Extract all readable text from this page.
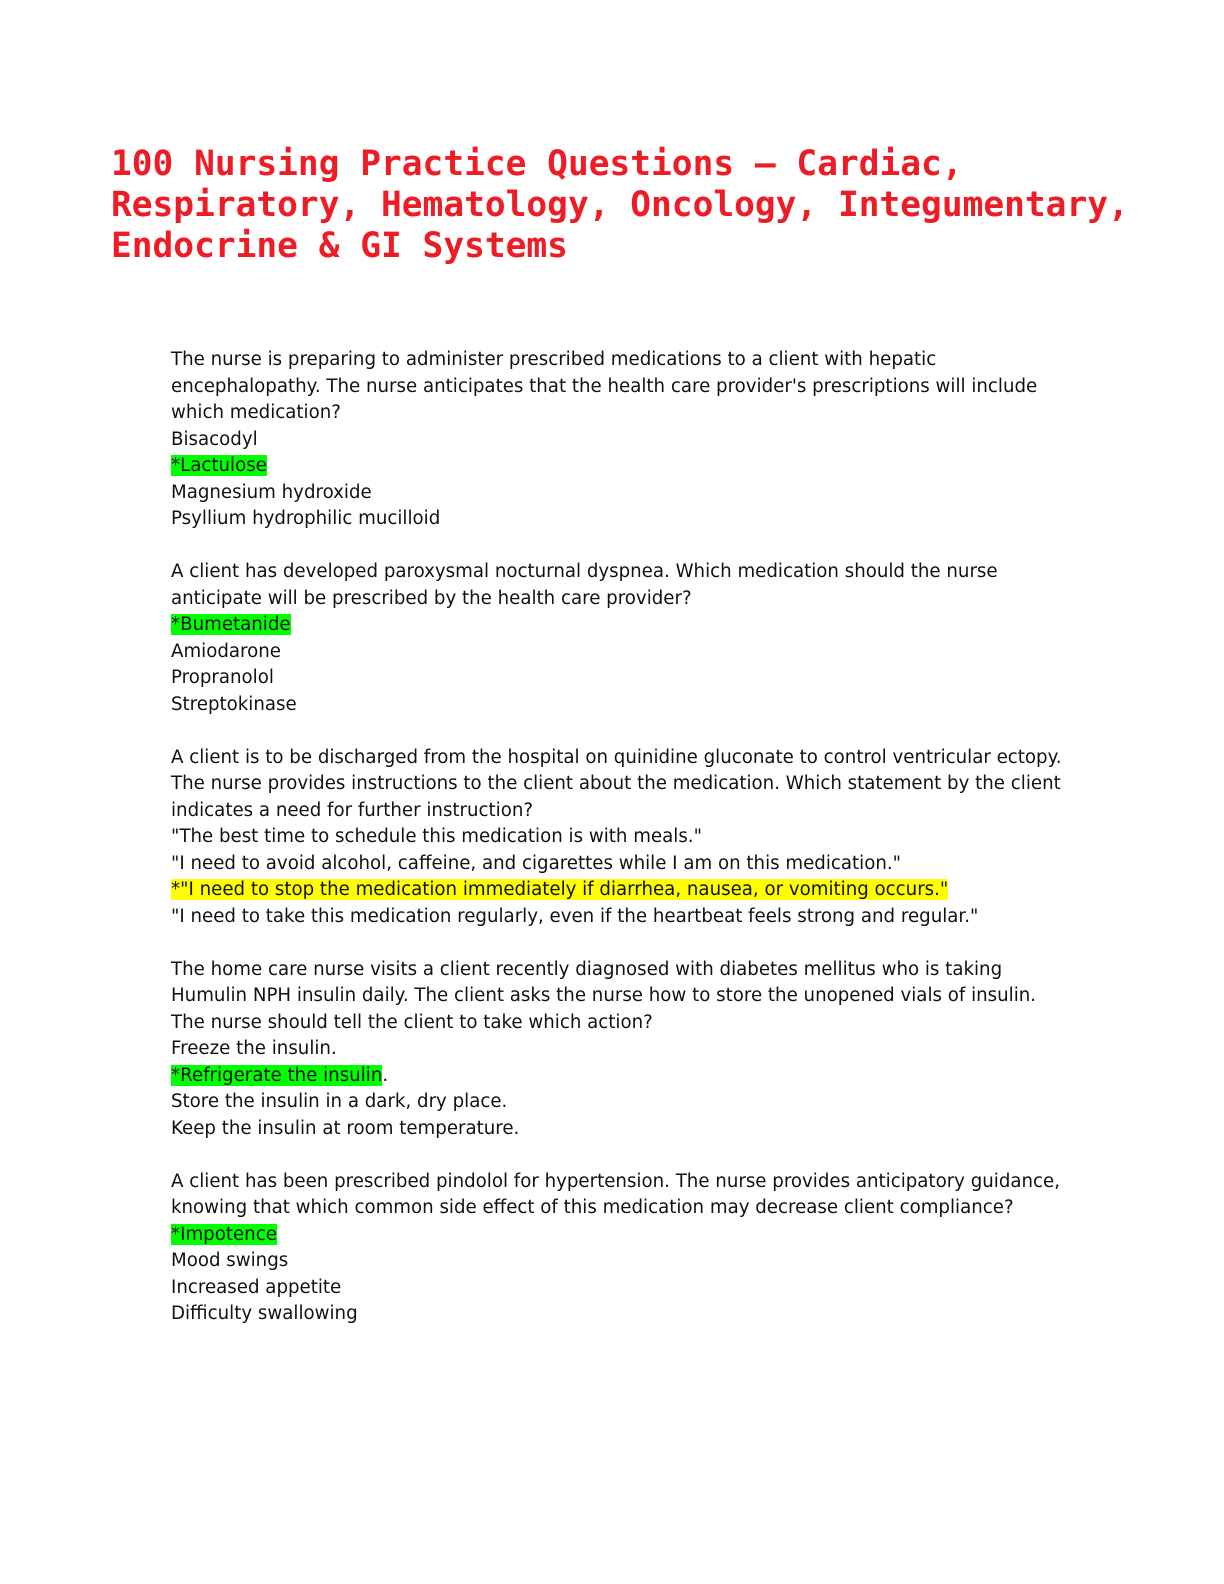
100 Nursing Practice Questions – Cardiac, Respiratory, Hematology, Oncology, Integumentary, Endocrine & GI Systems

The nurse is preparing to administer prescribed medications to a client with hepatic encephalopathy. The nurse anticipates that the health care provider's prescriptions will include which medication?

Bisacodyl
*Lactulose
Magnesium hydroxide
Psyllium hydrophilic mucilloid

A client has developed paroxysmal nocturnal dyspnea. Which medication should the nurse anticipate will be prescribed by the health care provider?

*Bumetanide
Amiodarone
Propranolol
Streptokinase

A client is to be discharged from the hospital on quinidine gluconate to control ventricular ectopy. The nurse provides instructions to the client about the medication. Which statement by the client indicates a need for further instruction?

"The best time to schedule this medication is with meals."
"I need to avoid alcohol, caffeine, and cigarettes while I am on this medication."
*"I need to stop the medication immediately if diarrhea, nausea, or vomiting occurs."
"I need to take this medication regularly, even if the heartbeat feels strong and regular."

The home care nurse visits a client recently diagnosed with diabetes mellitus who is taking Humulin NPH insulin daily. The client asks the nurse how to store the unopened vials of insulin. The nurse should tell the client to take which action?

Freeze the insulin.
*Refrigerate the insulin.
Store the insulin in a dark, dry place.
Keep the insulin at room temperature.

A client has been prescribed pindolol for hypertension. The nurse provides anticipatory guidance, knowing that which common side effect of this medication may decrease client compliance?

*Impotence
Mood swings
Increased appetite
Difficulty swallowing
